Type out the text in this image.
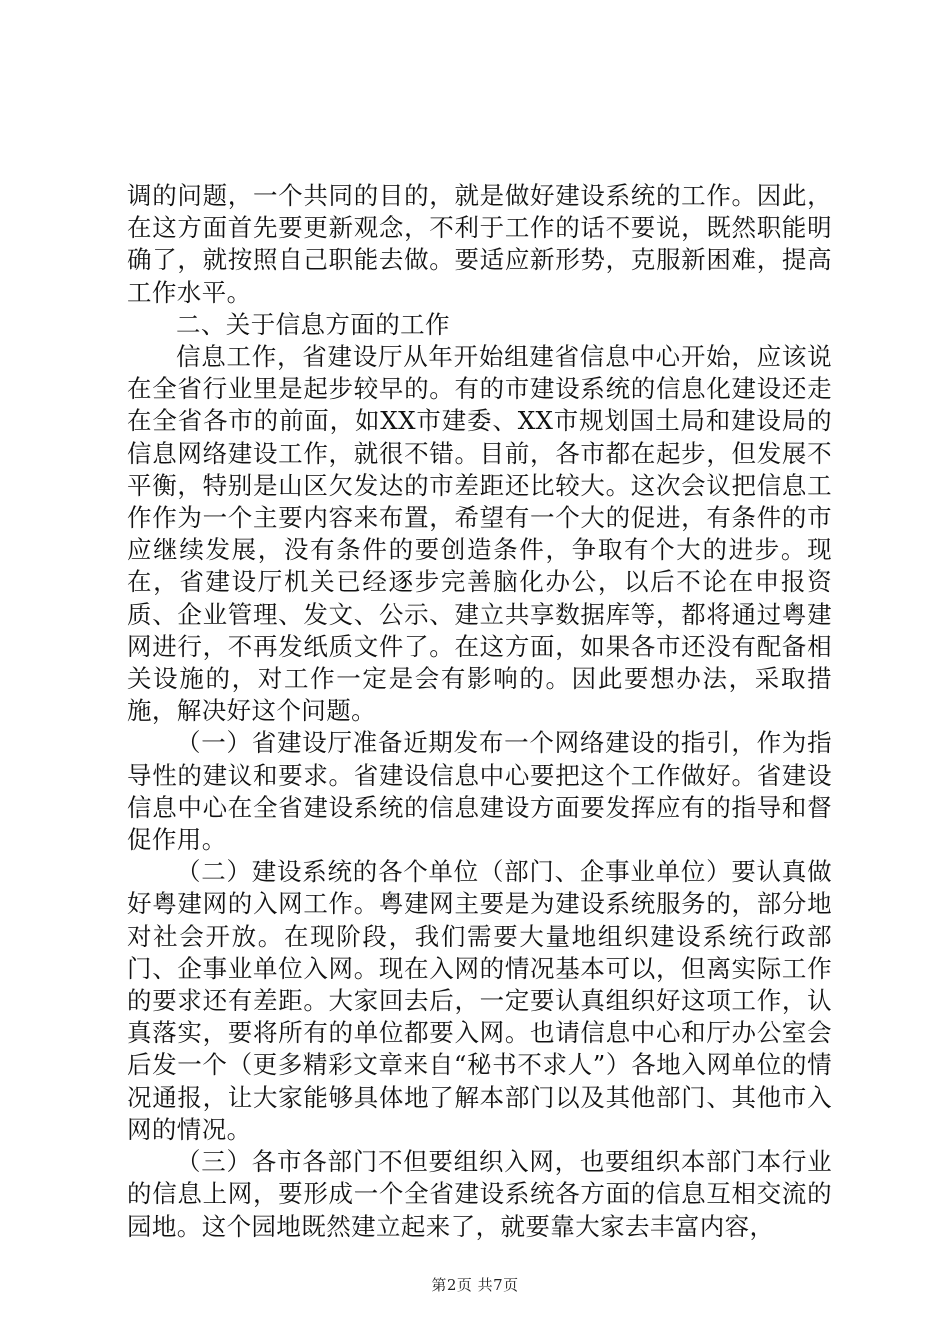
调的问题，一个共同的目的，就是做好建设系统的工作。因此，在这方面首先要更新观念，不利于工作的话不要说，既然职能明确了，就按照自己职能去做。要适应新形势，克服新困难，提高工作水平。

二、关于信息方面的工作

信息工作，省建设厅从年开始组建省信息中心开始，应该说在全省行业里是起步较早的。有的市建设系统的信息化建设还走在全省各市的前面，如XX市建委、XX市规划国土局和建设局的信息网络建设工作，就很不错。目前，各市都在起步，但发展不平衡，特别是山区欠发达的市差距还比较大。这次会议把信息工作作为一个主要内容来布置，希望有一个大的促进，有条件的市应继续发展，没有条件的要创造条件，争取有个大的进步。现在，省建设厅机关已经逐步完善脑化办公，以后不论在申报资质、企业管理、发文、公示、建立共享数据库等，都将通过粤建网进行，不再发纸质文件了。在这方面，如果各市还没有配备相关设施的，对工作一定是会有影响的。因此要想办法，采取措施，解决好这个问题。

（一）省建设厅准备近期发布一个网络建设的指引，作为指导性的建议和要求。省建设信息中心要把这个工作做好。省建设信息中心在全省建设系统的信息建设方面要发挥应有的指导和督促作用。

（二）建设系统的各个单位（部门、企事业单位）要认真做好粤建网的入网工作。粤建网主要是为建设系统服务的，部分地对社会开放。在现阶段，我们需要大量地组织建设系统行政部门、企事业单位入网。现在入网的情况基本可以，但离实际工作的要求还有差距。大家回去后，一定要认真组织好这项工作，认真落实，要将所有的单位都要入网。也请信息中心和厅办公室会后发一个（更多精彩文章来自“秘书不求人”）各地入网单位的情况通报，让大家能够具体地了解本部门以及其他部门、其他市入网的情况。

（三）各市各部门不但要组织入网，也要组织本部门本行业的信息上网，要形成一个全省建设系统各方面的信息互相交流的园地。这个园地既然建立起来了，就要靠大家去丰富内容，

第2页 共7页
